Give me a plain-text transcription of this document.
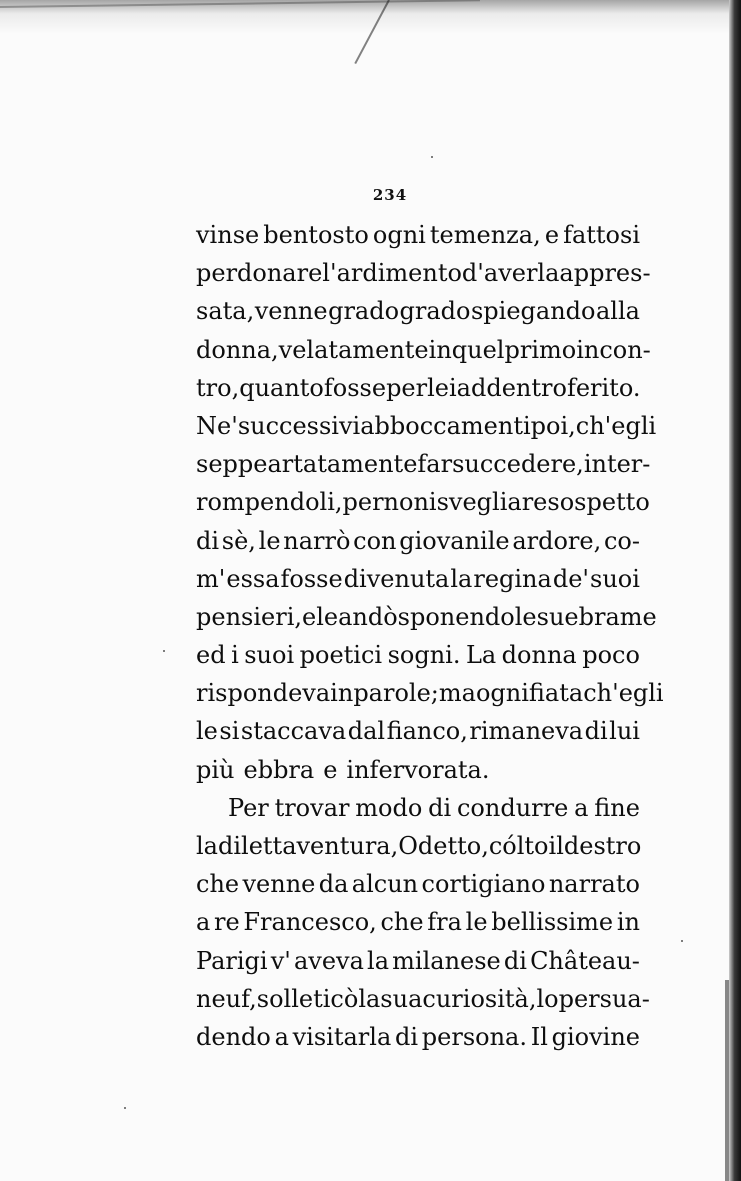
234
vinse bentosto ogni temenza, e fattosi
perdonare l' ardimento d' averla appres-
sata, venne grado grado spiegando alla
donna, velatamente in quel primo incon-
tro, quanto fosse per lei addentro ferito.
Ne' successivi abboccamenti poi, ch' egli
seppe artatamente far succedere, inter-
rompendoli, per non isvegliare sospetto
di sè, le narrò con giovanile ardore, co-
m' essa fosse divenuta la regina de' suoi
pensieri, e le andò sponendo le sue brame
ed i suoi poetici sogni. La donna poco
rispondeva in parole; ma ogni fiata ch' egli
le si staccava dal fianco, rimaneva di lui
più ebbra e infervorata.
Per trovar modo di condurre a fine
la diletta ventura, Odetto, cólto il destro
che venne da alcun cortigiano narrato
a re Francesco, che fra le bellissime in
Parigi v' aveva la milanese di Château-
neuf, solleticò la sua curiosità, lo persua-
dendo a visitarla di persona. Il giovine
